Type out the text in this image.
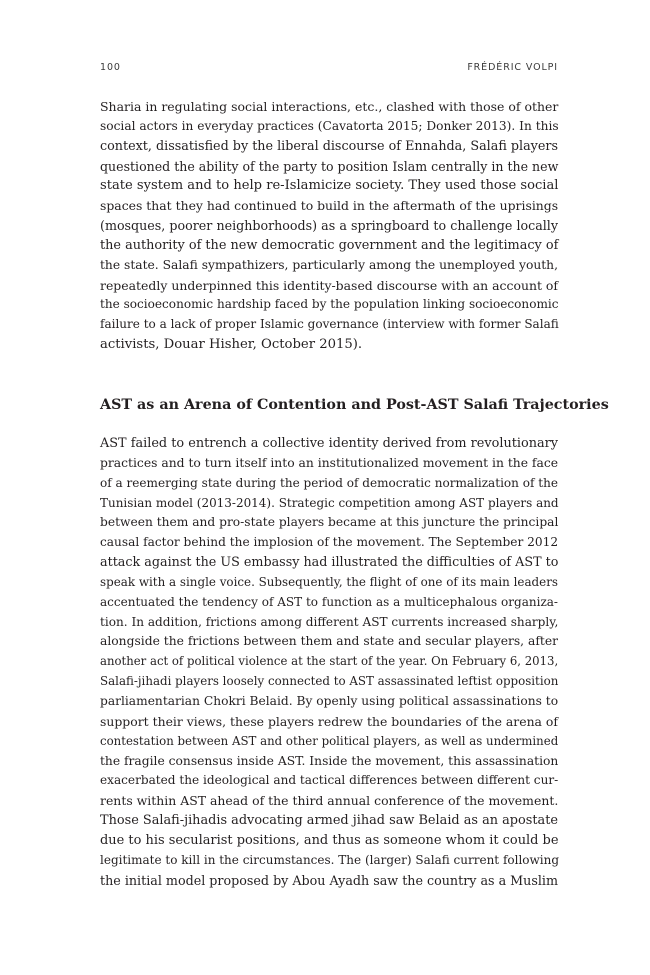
100	FRÉDÉRIC VOLPI
Sharia in regulating social interactions, etc., clashed with those of other
social actors in everyday practices (Cavatorta 2015; Donker 2013). In this
context, dissatisfied by the liberal discourse of Ennahda, Salafi players
questioned the ability of the party to position Islam centrally in the new
state system and to help re-Islamicize society. They used those social
spaces that they had continued to build in the aftermath of the uprisings
(mosques, poorer neighborhoods) as a springboard to challenge locally
the authority of the new democratic government and the legitimacy of
the state. Salafi sympathizers, particularly among the unemployed youth,
repeatedly underpinned this identity-based discourse with an account of
the socioeconomic hardship faced by the population linking socioeconomic
failure to a lack of proper Islamic governance (interview with former Salafi
activists, Douar Hisher, October 2015).
AST as an Arena of Contention and Post-AST Salafi Trajectories
AST failed to entrench a collective identity derived from revolutionary
practices and to turn itself into an institutionalized movement in the face
of a reemerging state during the period of democratic normalization of the
Tunisian model (2013-2014). Strategic competition among AST players and
between them and pro-state players became at this juncture the principal
causal factor behind the implosion of the movement. The September 2012
attack against the US embassy had illustrated the difficulties of AST to
speak with a single voice. Subsequently, the flight of one of its main leaders
accentuated the tendency of AST to function as a multicephalous organiza-
tion. In addition, frictions among different AST currents increased sharply,
alongside the frictions between them and state and secular players, after
another act of political violence at the start of the year. On February 6, 2013,
Salafi-jihadi players loosely connected to AST assassinated leftist opposition
parliamentarian Chokri Belaid. By openly using political assassinations to
support their views, these players redrew the boundaries of the arena of
contestation between AST and other political players, as well as undermined
the fragile consensus inside AST. Inside the movement, this assassination
exacerbated the ideological and tactical differences between different cur-
rents within AST ahead of the third annual conference of the movement.
Those Salafi-jihadis advocating armed jihad saw Belaid as an apostate
due to his secularist positions, and thus as someone whom it could be
legitimate to kill in the circumstances. The (larger) Salafi current following
the initial model proposed by Abou Ayadh saw the country as a Muslim
